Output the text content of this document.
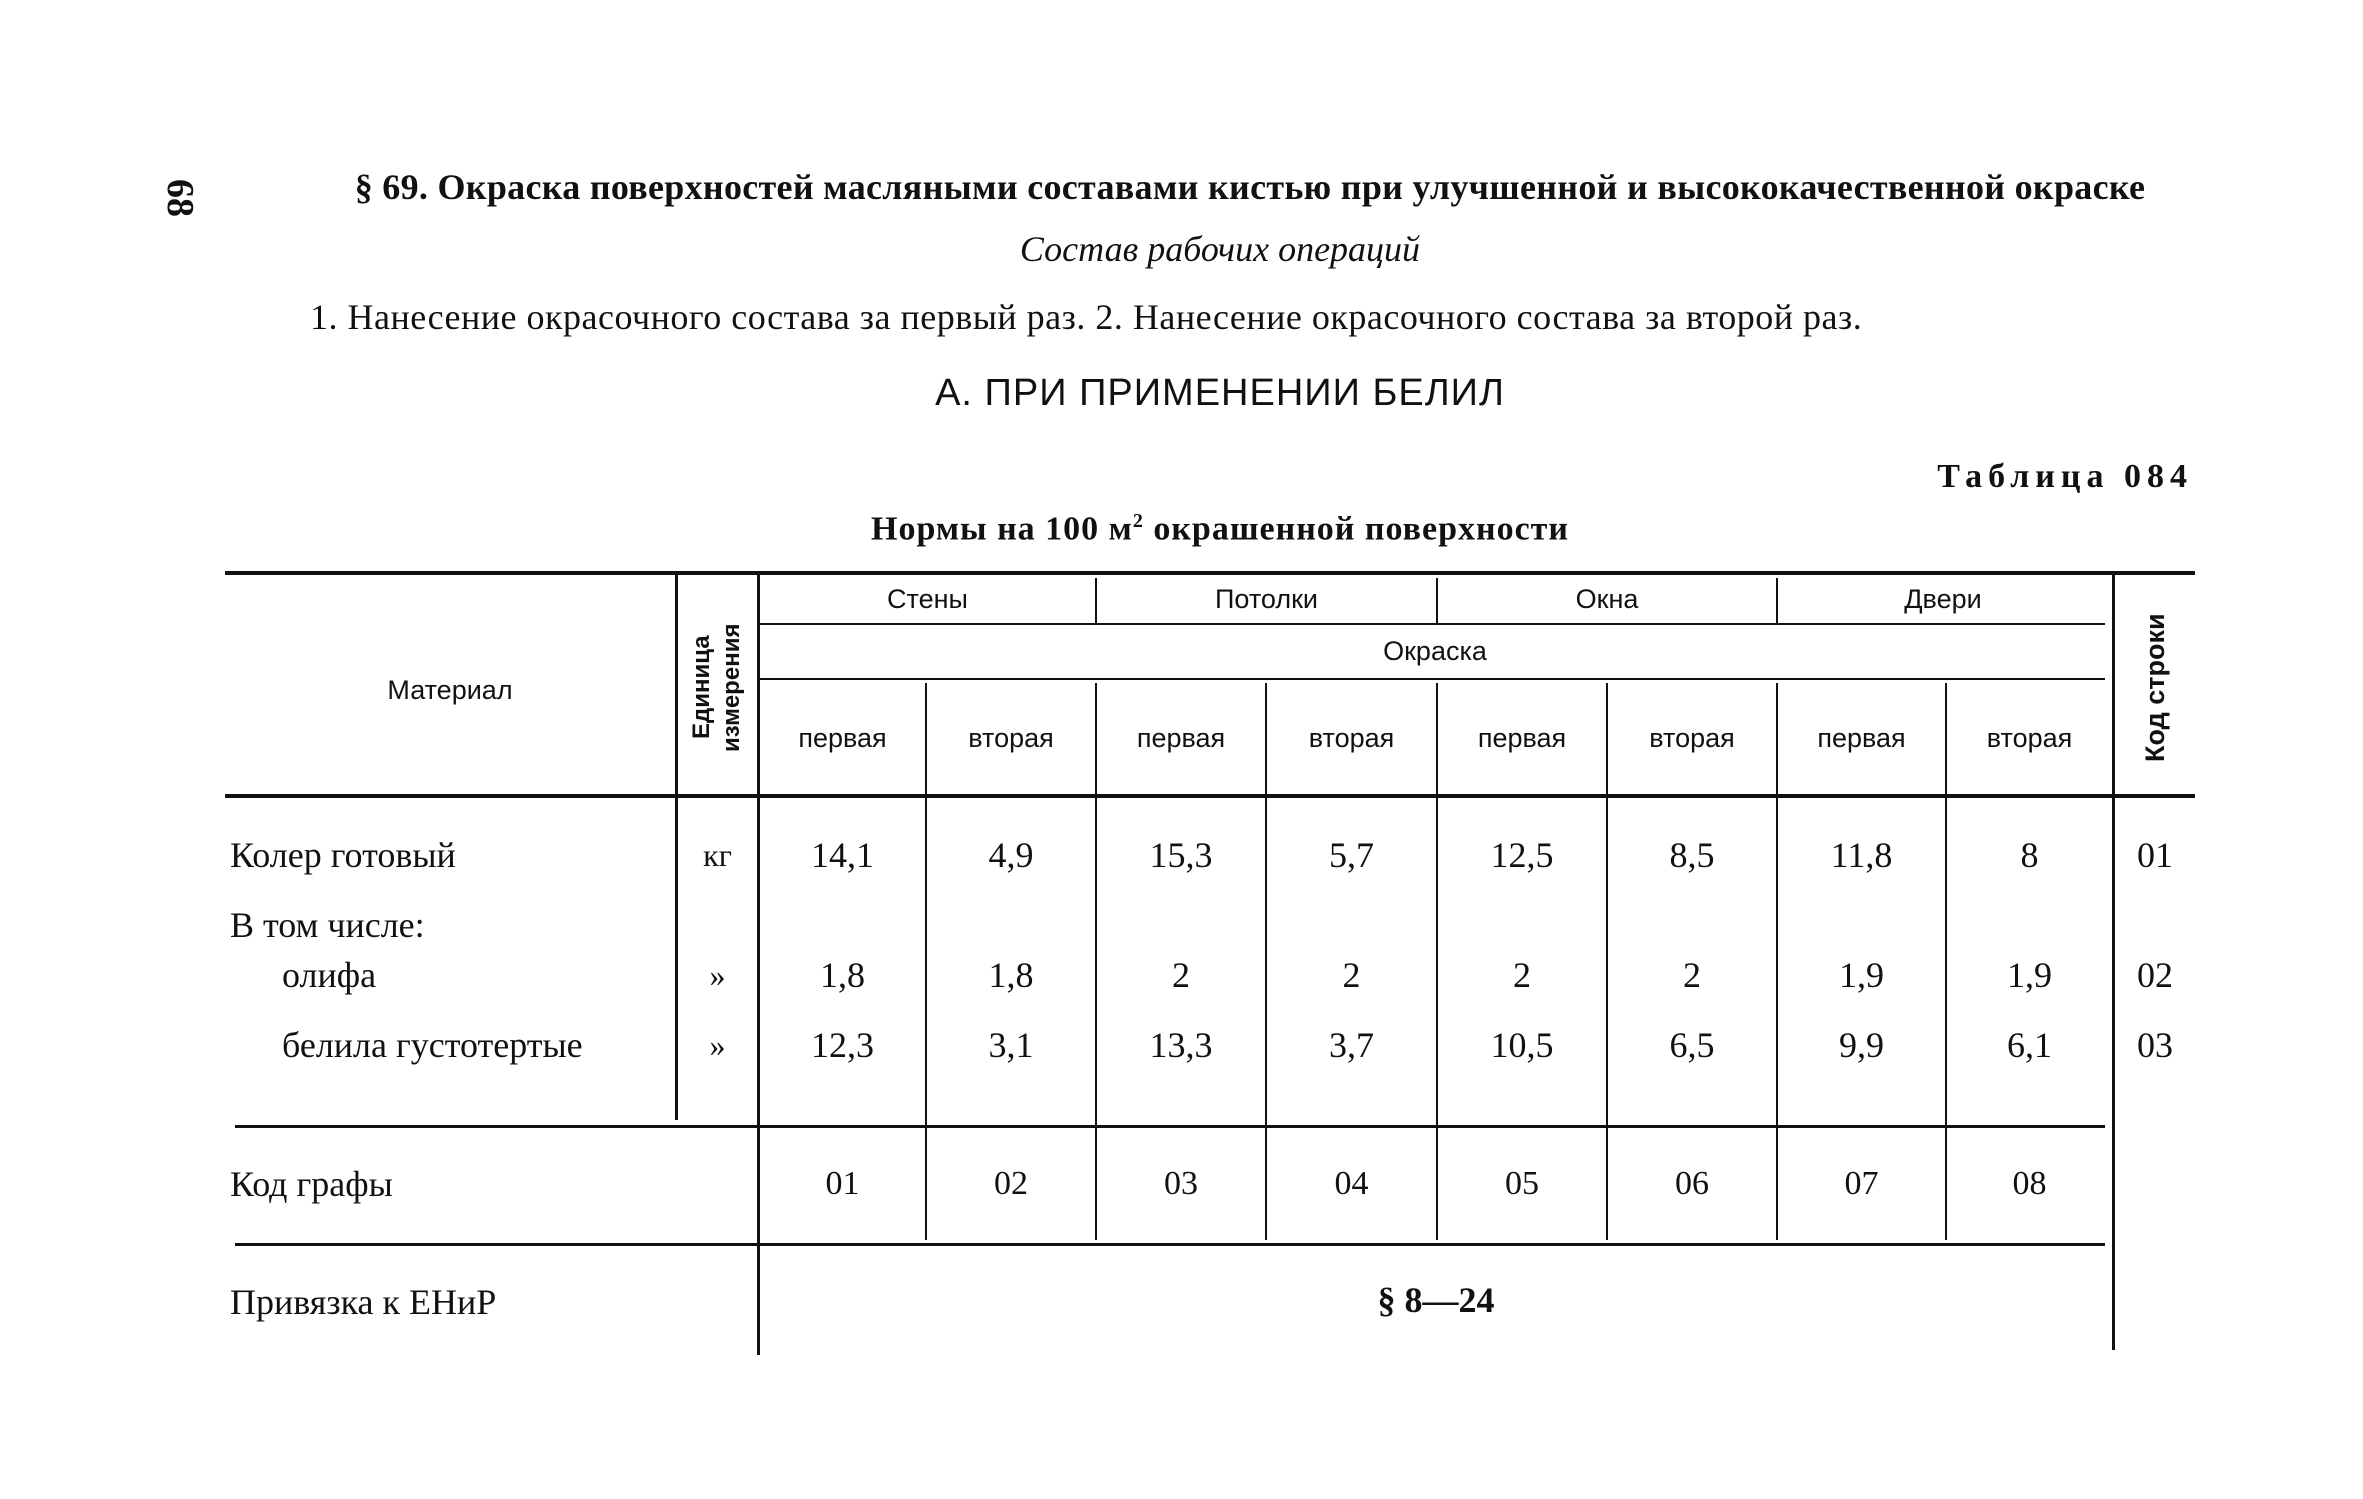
68	§ 69. Окраска поверхностей масляными составами кистью при улучшенной и высококачественной окраске
Состав рабочих операций
1. Нанесение окрасочного состава за первый раз. 2. Нанесение окрасочного состава за второй раз.
А. ПРИ ПРИМЕНЕНИИ БЕЛИЛ
Таблица 084
Нормы на 100 $м^2$ окрашенной поверхности
Материал	Единица измерения	Код строки
Стены	Потолки	Окна	Двери
Окраска
первая	вторая	первая	вторая	первая	вторая	первая	вторая
Колер готовый	кг	14,1	4,9	15,3	5,7	12,5	8,5	11,8	8	01
В том числе:
олифа	»	1,8	1,8	2	2	2	2	1,9	1,9	02
белила густотертые	»	12,3	3,1	13,3	3,7	10,5	6,5	9,9	6,1	03
Код графы	01	02	03	04	05	06	07	08
Привязка к ЕНиР	§ 8—24
